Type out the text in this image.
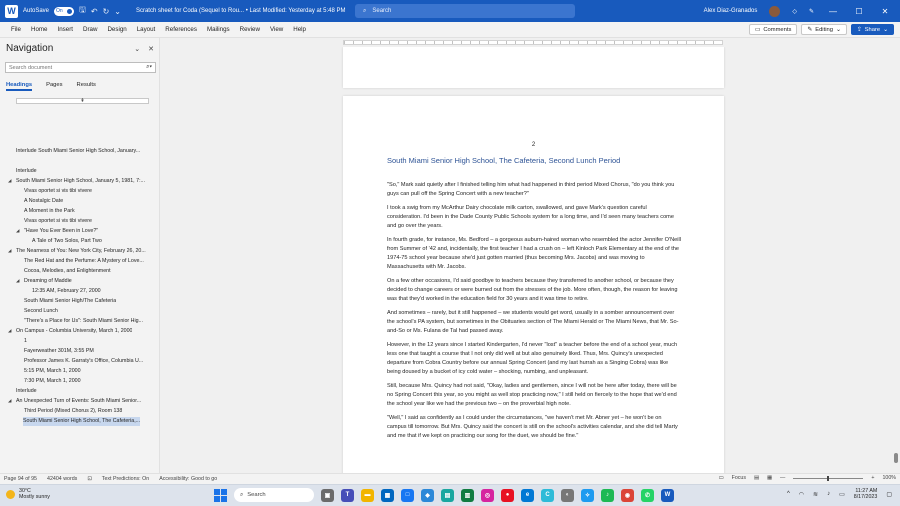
W	AutoSave On 🖫 ↶ ↻ ⌄	Scratch sheet for Coda (Sequel to Rou... • Last Modified: Yesterday at 5:48 PM	⌕ Search	Alex Diaz-Granados	◇ ✎	—	☐	✕
File	Home	Insert	Draw	Design	Layout	References	Mailings	Review	View	Help	▭ Comments	✎ Editing ⌄	⇪ Share ⌄
Navigation	⌄ ✕
Search document	⌕▾
Headings Pages Results
⇞
Interlude South Miami Senior High School, January...
Interlude
◢ South Miami Senior High School, January 5, 1981, 7:...
Vivas oportet si vis tibi vivere
A Nostalgic Date
A Moment in the Park
Vivas oportet si vis tibi vivere
◢ "Have You Ever Been in Love?"
A Tale of Two Solos, Part Two
◢ The Nearness of You: New York City, February 26, 20...
The Red Hat and the Perfume: A Mystery of Love...
Cocoa, Melodies, and Enlightenment
◢ Dreaming of Maddie
12:35 AM, February 27, 2000
South Miami Senior High/The Cafeteria
Second Lunch
"There's a Place for Us": South Miami Senior Hig...
◢ On Campus - Columbia University, March 1, 2000
1
Fayerweather 301M, 3:55 PM
Professor James K. Garraty's Office, Columbia U...
5:15 PM, March 1, 2000
7:30 PM, March 1, 2000
Interlude
◢ An Unexpected Turn of Events: South Miami Senior...
Third Period (Mixed Chorus 2), Room 138
South Miami Senior High School, The Cafeteria,...
2
South Miami Senior High School, The Cafeteria, Second Lunch Period

"So," Mark said quietly after I finished telling him what had happened in third period Mixed Chorus, "do you think you guys can pull off the Spring Concert with a new teacher?"

I took a swig from my McArthur Dairy chocolate milk carton, swallowed, and gave Mark's question careful consideration. I'd been in the Dade County Public Schools system for a long time, and I'd seen many teachers come and go over the years.

In fourth grade, for instance, Ms. Bedford – a gorgeous auburn-haired woman who resembled the actor Jennifer O'Neill from Summer of '42 and, incidentally, the first teacher I had a crush on – left Kinloch Park Elementary at the end of the 1974-75 school year because she'd just gotten married (thus becoming Mrs. Jacobs) and was moving to Massachusetts with Mr. Jacobs.

On a few other occasions, I'd said goodbye to teachers because they transferred to another school, or because they decided to change careers or were burned out from the stresses of the job. More often, though, the reason for leaving was that they'd worked in the education field for 30 years and it was time to retire.

And sometimes – rarely, but it still happened – we students would get word, usually in a somber announcement over the school's PA system, but sometimes in the Obituaries section of The Miami Herald or The Miami News, that Mr. So-and-So or Ms. Fulana de Tal had passed away.

However, in the 12 years since I started Kindergarten, I'd never "lost" a teacher before the end of a school year, much less one that taught a course that I not only did well at but also genuinely liked. Thus, Mrs. Quincy's unexpected departure from Cobra Country before our annual Spring Concert (and my last hurrah as a Singing Cobra) was like being doused by a bucket of icy cold water – shocking, numbing, and unpleasant.

Still, because Mrs. Quincy had not said, "Okay, ladies and gentlemen, since I will not be here after today, there will be no Spring Concert this year, so you might as well stop practicing now," I still held on fiercely to the hope that we'd end the school year like we had the previous two – on the proverbial high note.

"Well," I said as confidently as I could under the circumstances, "we haven't met Mr. Abner yet – he won't be on campus till tomorrow. But Mrs. Quincy said the concert is still on the school's activities calendar, and she did tell Marty and me that if we kept on practicing our song for the duet, we should be fine."

Page 94 of 95 42404 words ⊡ Text Predictions: On Accessibility: Good to go	▭ Focus ▤ ▦ —	+ 100%
30°C
Mostly sunny	⌕ Search	▣	T	▬	▦	□	◆	▤	▥	◎	●	e	C	◐	✧	♪	◉	✆	W	^ ◠ ≋ ♪ ▭
11:27 AM
8/17/2023 ▢
